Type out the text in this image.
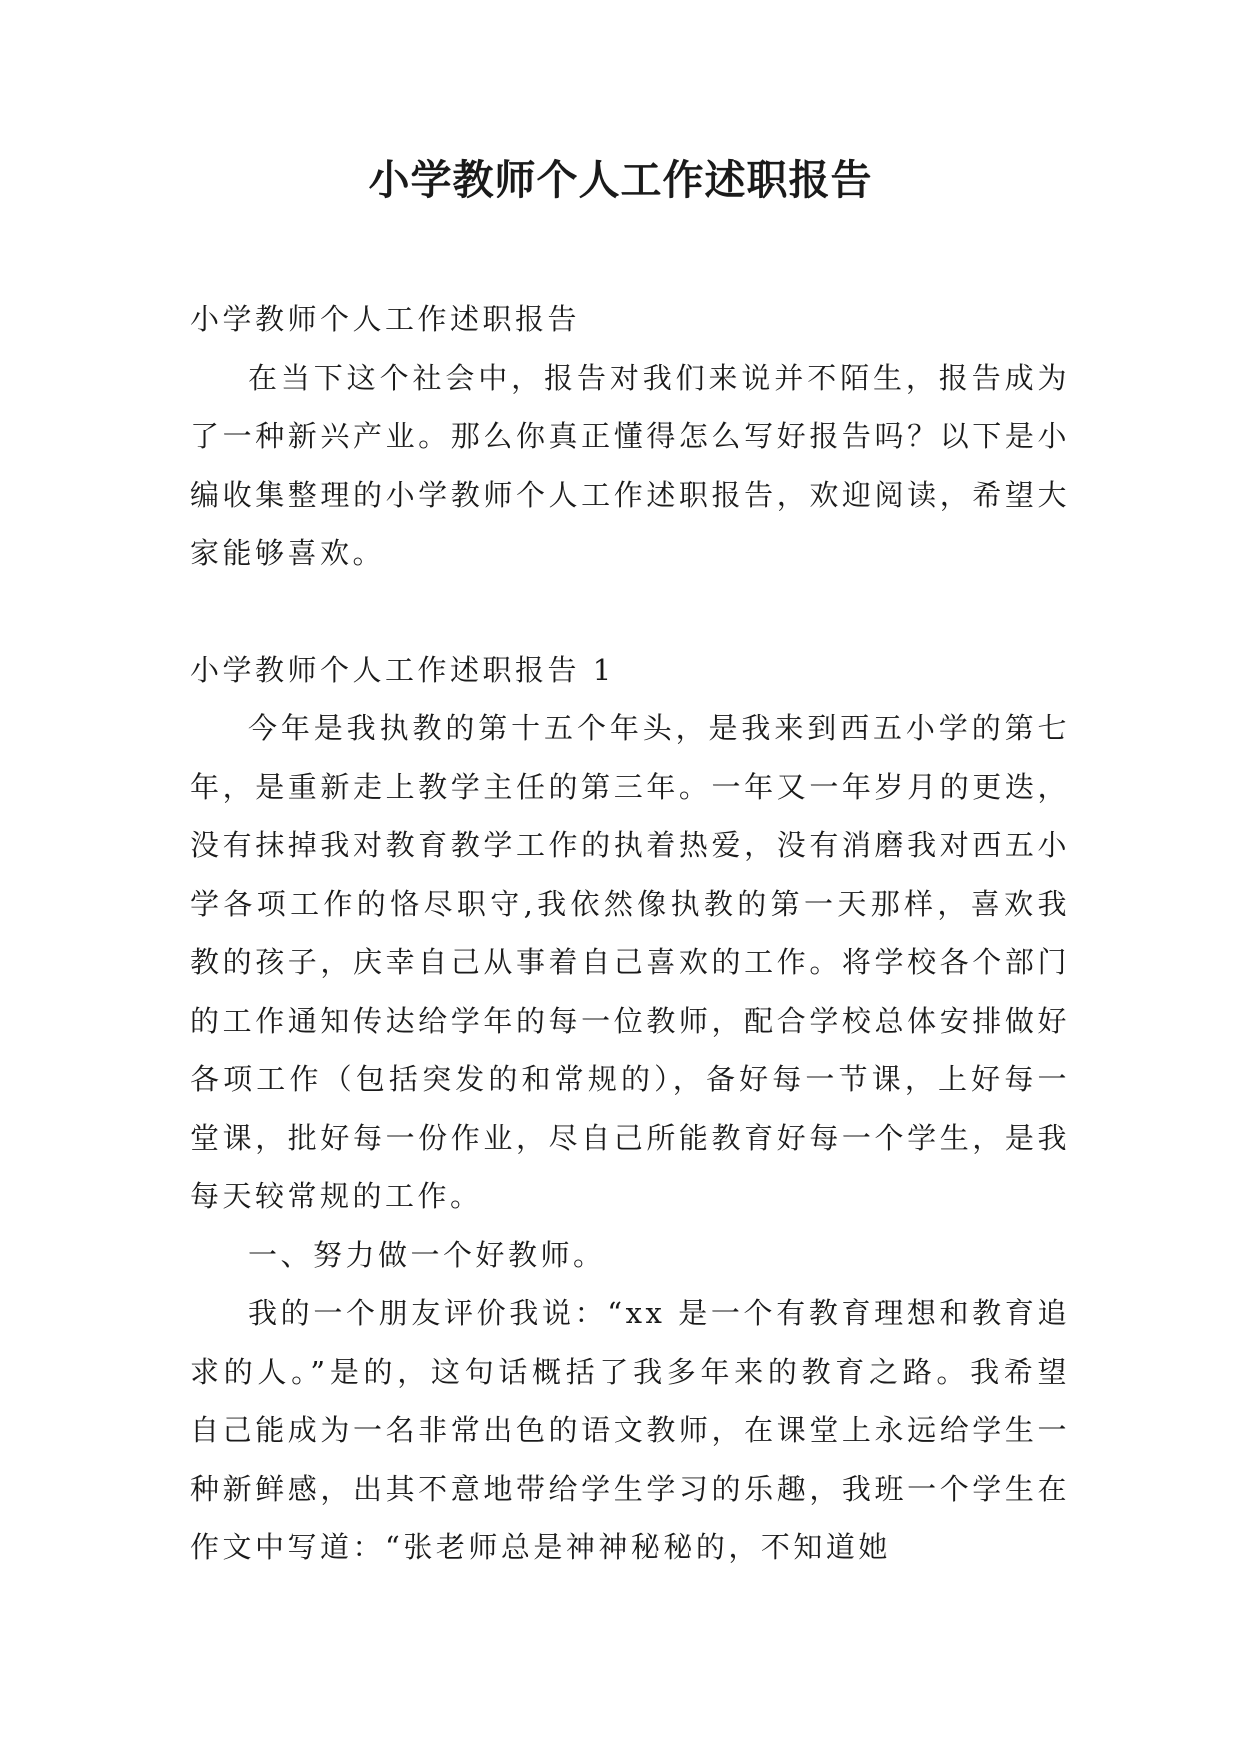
小学教师个人工作述职报告

小学教师个人工作述职报告

在当下这个社会中，报告对我们来说并不陌生，报告成为了一种新兴产业。那么你真正懂得怎么写好报告吗？以下是小编收集整理的小学教师个人工作述职报告，欢迎阅读，希望大家能够喜欢。

小学教师个人工作述职报告 1

今年是我执教的第十五个年头，是我来到西五小学的第七年，是重新走上教学主任的第三年。一年又一年岁月的更迭，没有抹掉我对教育教学工作的执着热爱，没有消磨我对西五小学各项工作的恪尽职守,我依然像执教的第一天那样，喜欢我教的孩子，庆幸自己从事着自己喜欢的工作。将学校各个部门的工作通知传达给学年的每一位教师，配合学校总体安排做好各项工作（包括突发的和常规的），备好每一节课，上好每一堂课，批好每一份作业，尽自己所能教育好每一个学生，是我每天较常规的工作。

一、努力做一个好教师。

我的一个朋友评价我说：“xx 是一个有教育理想和教育追求的人。”是的，这句话概括了我多年来的教育之路。我希望自己能成为一名非常出色的语文教师，在课堂上永远给学生一种新鲜感，出其不意地带给学生学习的乐趣，我班一个学生在作文中写道：“张老师总是神神秘秘的，不知道她
